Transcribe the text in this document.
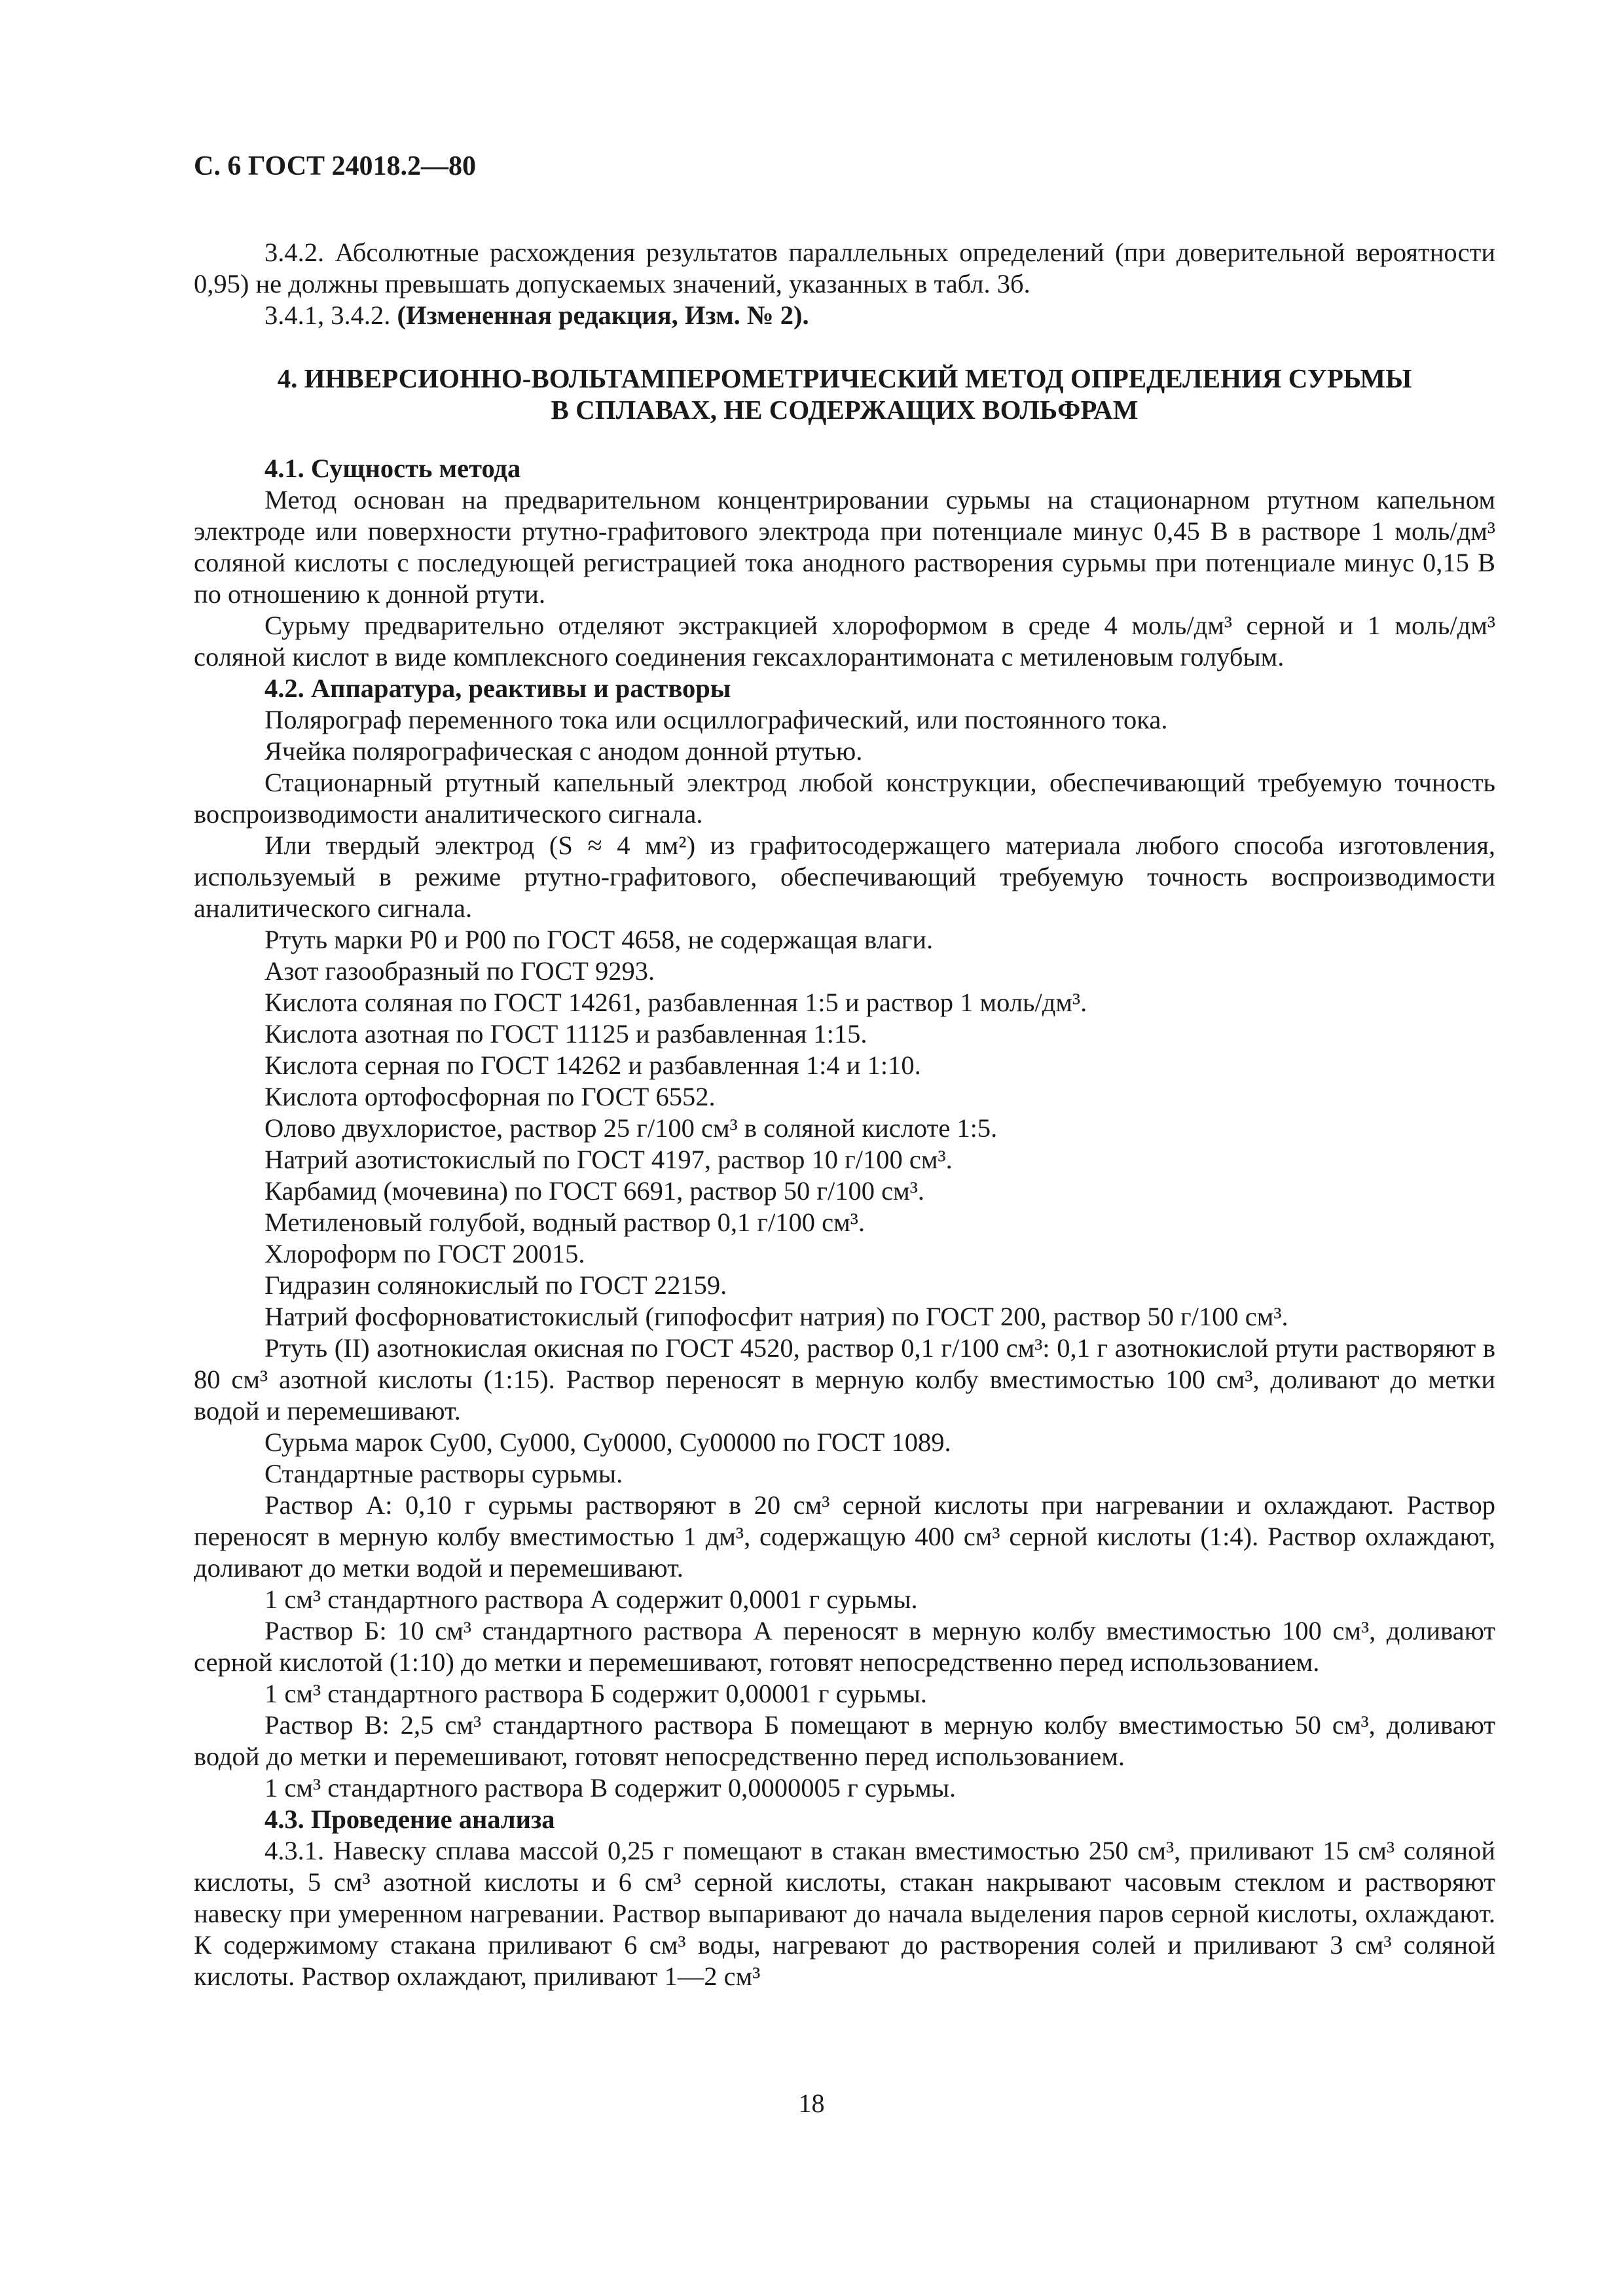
С. 6 ГОСТ 24018.2—80

3.4.2. Абсолютные расхождения результатов параллельных определений (при доверительной вероятности 0,95) не должны превышать допускаемых значений, указанных в табл. 3б.

3.4.1, 3.4.2. (Измененная редакция, Изм. № 2).

4. ИНВЕРСИОННО-ВОЛЬТАМПЕРОМЕТРИЧЕСКИЙ МЕТОД ОПРЕДЕЛЕНИЯ СУРЬМЫ
В СПЛАВАХ, НЕ СОДЕРЖАЩИХ ВОЛЬФРАМ

4.1. Сущность метода

Метод основан на предварительном концентрировании сурьмы на стационарном ртутном капельном электроде или поверхности ртутно-графитового электрода при потенциале минус 0,45 В в растворе 1 моль/дм³ соляной кислоты с последующей регистрацией тока анодного растворения сурьмы при потенциале минус 0,15 В по отношению к донной ртути.

Сурьму предварительно отделяют экстракцией хлороформом в среде 4 моль/дм³ серной и 1 моль/дм³ соляной кислот в виде комплексного соединения гексахлорантимоната с метиленовым голубым.

4.2. Аппаратура, реактивы и растворы

Полярограф переменного тока или осциллографический, или постоянного тока.

Ячейка полярографическая с анодом донной ртутью.

Стационарный ртутный капельный электрод любой конструкции, обеспечивающий требуемую точность воспроизводимости аналитического сигнала.

Или твердый электрод (S ≈ 4 мм²) из графитосодержащего материала любого способа изготовления, используемый в режиме ртутно-графитового, обеспечивающий требуемую точность воспроизводимости аналитического сигнала.

Ртуть марки Р0 и Р00 по ГОСТ 4658, не содержащая влаги.

Азот газообразный по ГОСТ 9293.

Кислота соляная по ГОСТ 14261, разбавленная 1:5 и раствор 1 моль/дм³.

Кислота азотная по ГОСТ 11125 и разбавленная 1:15.

Кислота серная по ГОСТ 14262 и разбавленная 1:4 и 1:10.

Кислота ортофосфорная по ГОСТ 6552.

Олово двухлористое, раствор 25 г/100 см³ в соляной кислоте 1:5.

Натрий азотистокислый по ГОСТ 4197, раствор 10 г/100 см³.

Карбамид (мочевина) по ГОСТ 6691, раствор 50 г/100 см³.

Метиленовый голубой, водный раствор 0,1 г/100 см³.

Хлороформ по ГОСТ 20015.

Гидразин солянокислый по ГОСТ 22159.

Натрий фосфорноватистокислый (гипофосфит натрия) по ГОСТ 200, раствор 50 г/100 см³.

Ртуть (II) азотнокислая окисная по ГОСТ 4520, раствор 0,1 г/100 см³: 0,1 г азотнокислой ртути растворяют в 80 см³ азотной кислоты (1:15). Раствор переносят в мерную колбу вместимостью 100 см³, доливают до метки водой и перемешивают.

Сурьма марок Су00, Су000, Су0000, Су00000 по ГОСТ 1089.

Стандартные растворы сурьмы.

Раствор А: 0,10 г сурьмы растворяют в 20 см³ серной кислоты при нагревании и охлаждают. Раствор переносят в мерную колбу вместимостью 1 дм³, содержащую 400 см³ серной кислоты (1:4). Раствор охлаждают, доливают до метки водой и перемешивают.

1 см³ стандартного раствора А содержит 0,0001 г сурьмы.

Раствор Б: 10 см³ стандартного раствора А переносят в мерную колбу вместимостью 100 см³, доливают серной кислотой (1:10) до метки и перемешивают, готовят непосредственно перед использованием.

1 см³ стандартного раствора Б содержит 0,00001 г сурьмы.

Раствор В: 2,5 см³ стандартного раствора Б помещают в мерную колбу вместимостью 50 см³, доливают водой до метки и перемешивают, готовят непосредственно перед использованием.

1 см³ стандартного раствора В содержит 0,0000005 г сурьмы.

4.3. Проведение анализа

4.3.1. Навеску сплава массой 0,25 г помещают в стакан вместимостью 250 см³, приливают 15 см³ соляной кислоты, 5 см³ азотной кислоты и 6 см³ серной кислоты, стакан накрывают часовым стеклом и растворяют навеску при умеренном нагревании. Раствор выпаривают до начала выделения паров серной кислоты, охлаждают. К содержимому стакана приливают 6 см³ воды, нагревают до растворения солей и приливают 3 см³ соляной кислоты. Раствор охлаждают, приливают 1—2 см³

18
